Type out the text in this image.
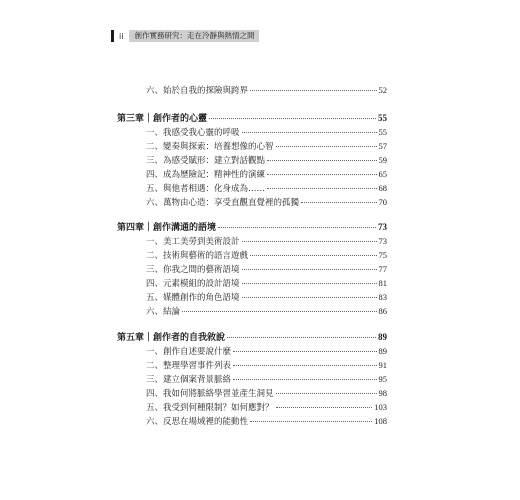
ii	創作實務研究：走在冷靜與熱情之間
六、始於自我的探險與跨界	52
第三章｜創作者的心靈	55
一、我感受我心靈的呼吸	55
二、變奏與探索：培養想像的心智	57
三、為感受賦形：建立對話觀點	59
四、成為歷險記：精神性的演練	65
五、與他者相遇：化身成為……	68
六、萬物由心造：享受直觀直覺裡的孤獨	70
第四章｜創作溝通的語境	73
一、美工美勞到美術設計	73
二、技術與藝術的語言遊戲	75
三、你我之間的藝術語境	77
四、元素模組的設計語境	81
五、媒體創作的角色語境	83
六、結論	86
第五章｜創作者的自我敘說	89
一、創作自述要說什麼	89
二、整理學習事件列表	91
三、建立個案背景脈絡	95
四、我如何將脈絡學習並產生洞見	98
五、我受到何種限制？如何應對？	103
六、反思在場域裡的能動性	108
